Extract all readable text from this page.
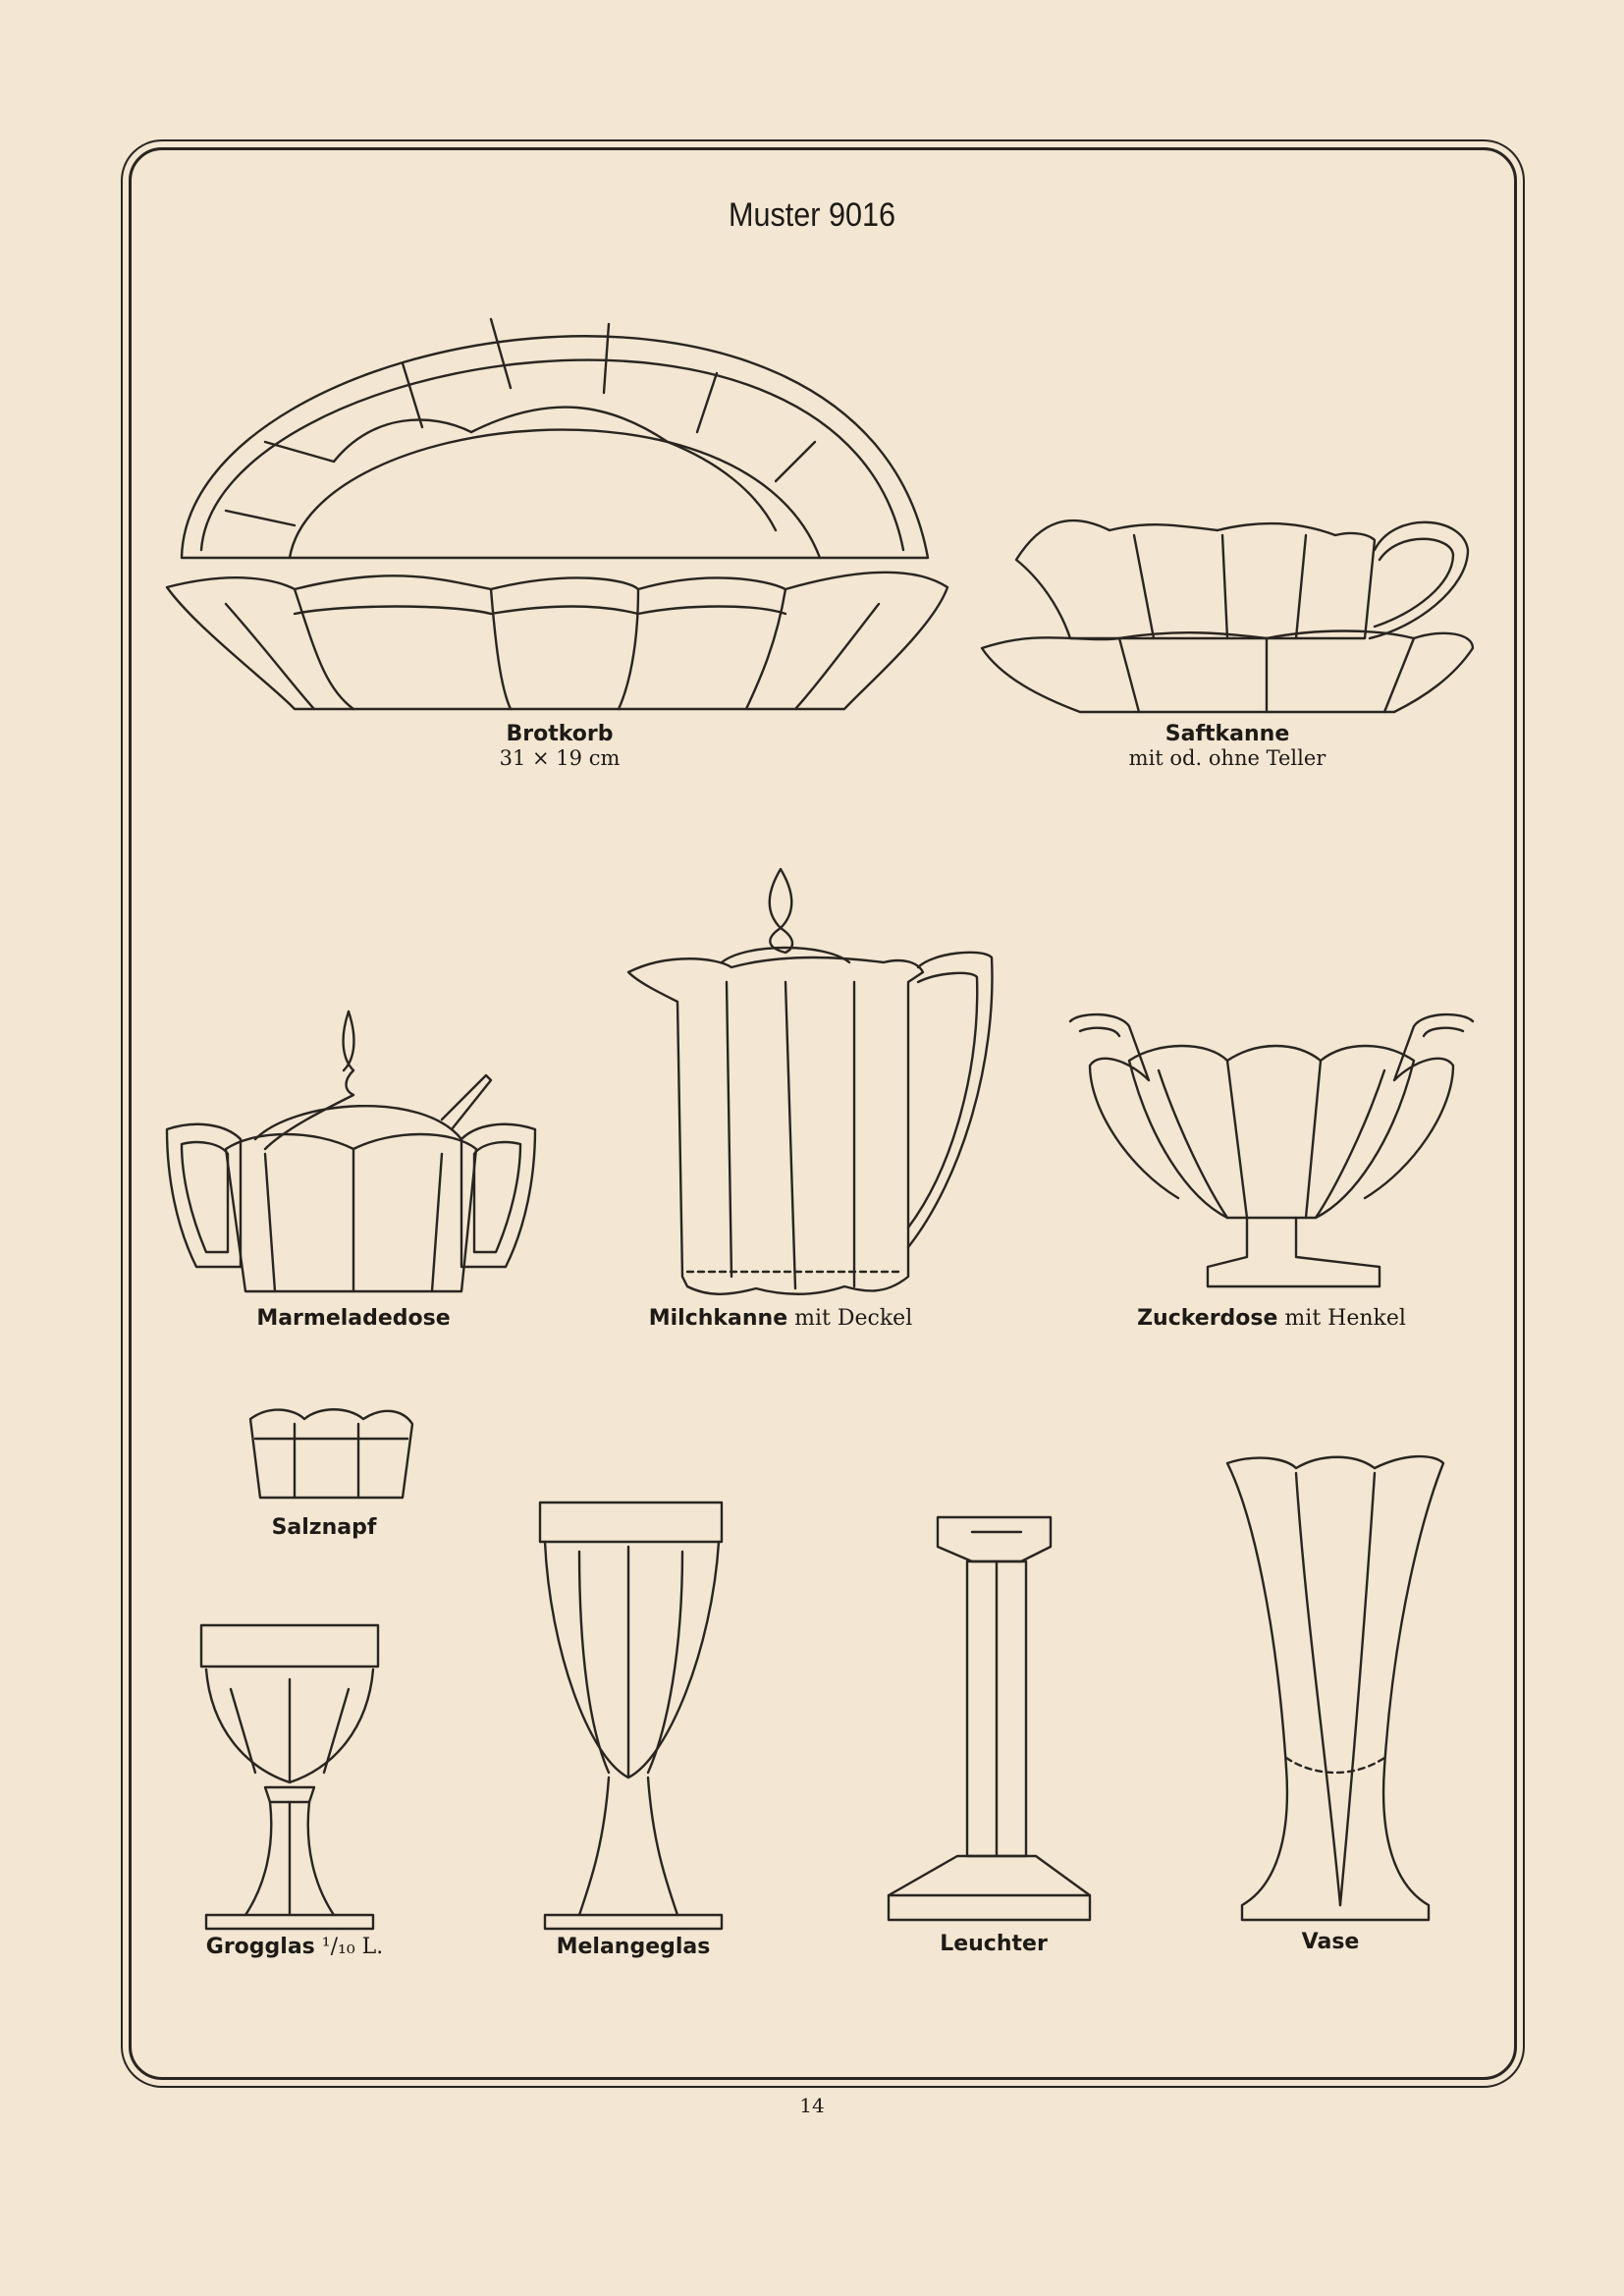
Muster 9016
Brotkorb
31 × 19 cm
Saftkanne
mit od. ohne Teller
Marmeladedose	Milchkanne mit Deckel	Zuckerdose mit Henkel
Salznapf
Grogglas ¹/₁₀ L.	Melangeglas	Leuchter	Vase
14
